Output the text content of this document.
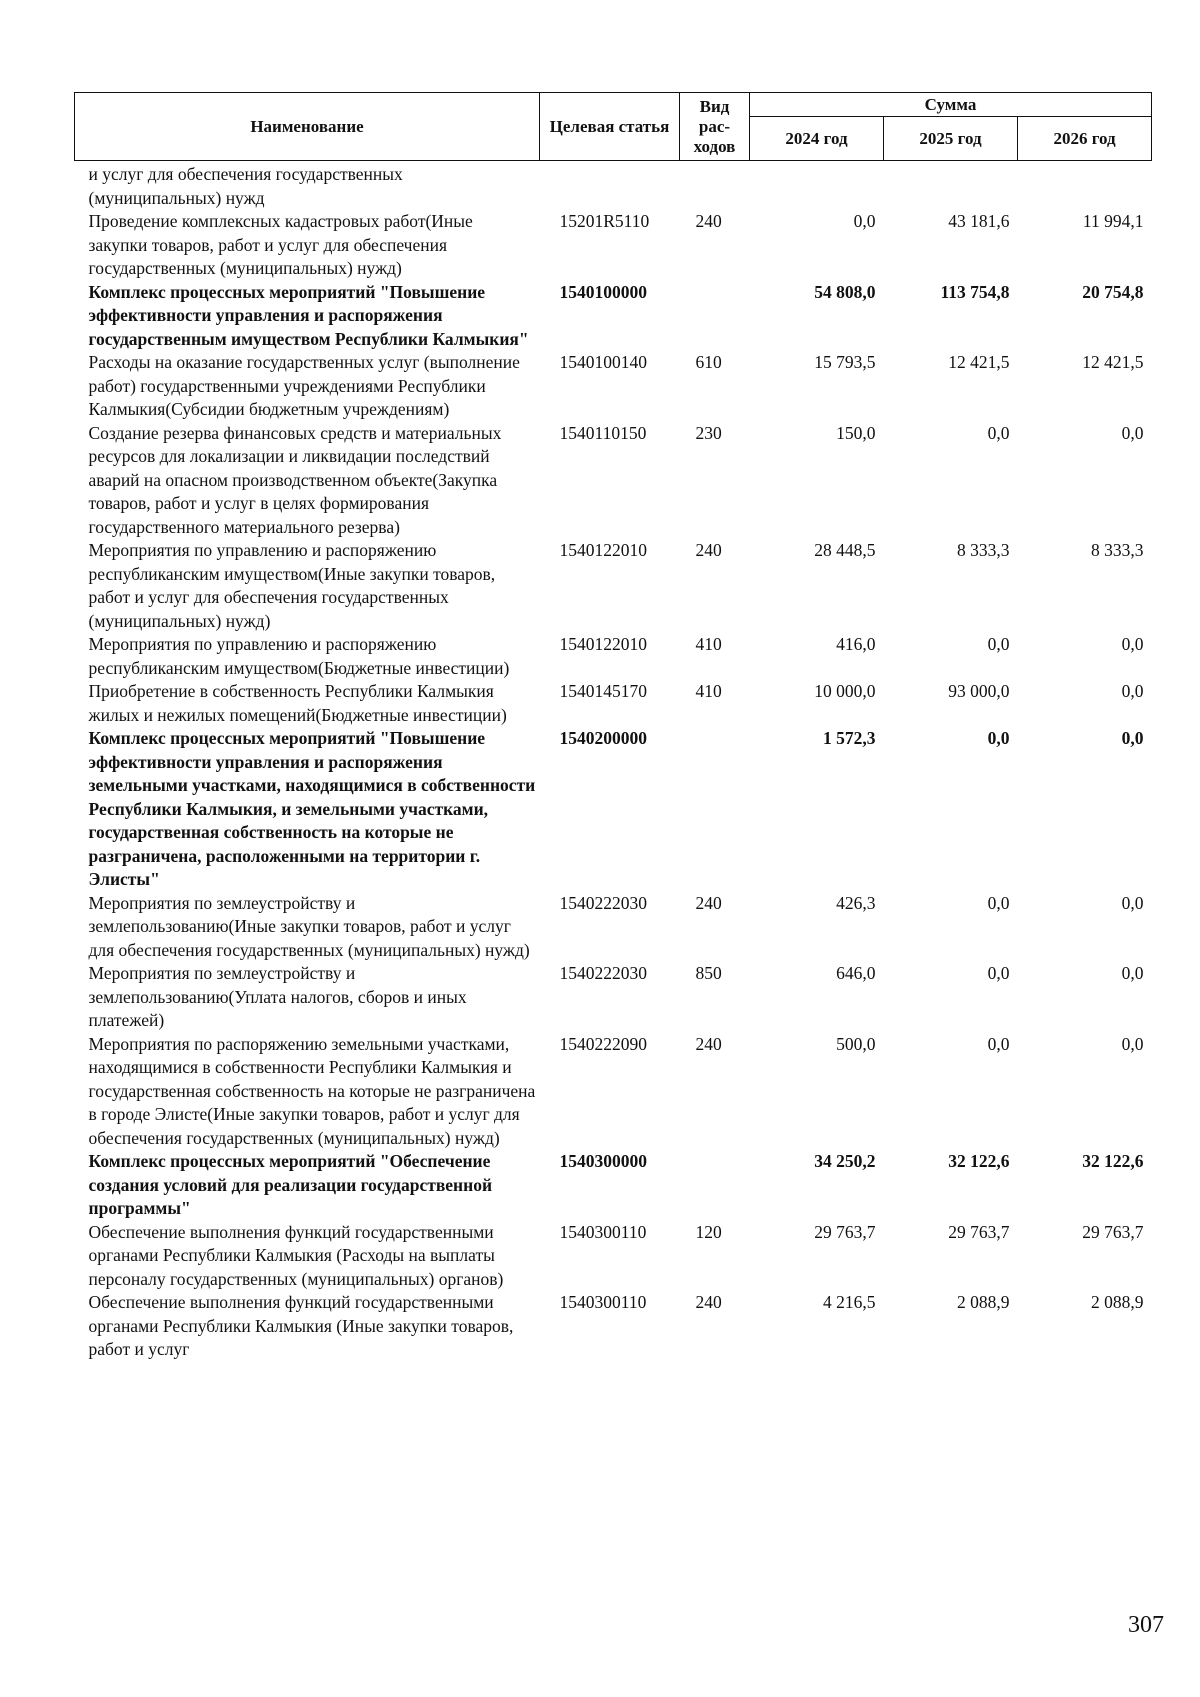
Наименование	Целевая статья	Вид рас-ходов	Сумма		
			2024 год	2025 год	2026 год
и услуг для обеспечения государственных (муниципальных) нужд					
Проведение комплексных кадастровых работ(Иные закупки товаров, работ и услуг для обеспечения государственных (муниципальных) нужд)	15201R5110	240	0,0	43 181,6	11 994,1
Комплекс процессных мероприятий "Повышение эффективности управления и распоряжения государственным имуществом Республики Калмыкия"	1540100000		54 808,0	113 754,8	20 754,8
Расходы на оказание государственных услуг (выполнение работ) государственными учреждениями Республики Калмыкия(Субсидии бюджетным учреждениям)	1540100140	610	15 793,5	12 421,5	12 421,5
Создание резерва финансовых средств и материальных ресурсов для локализации и ликвидации последствий аварий на опасном производственном объекте(Закупка товаров, работ и услуг в целях формирования государственного материального резерва)	1540110150	230	150,0	0,0	0,0
Мероприятия по управлению и распоряжению республиканским имуществом(Иные закупки товаров, работ и услуг для обеспечения государственных (муниципальных) нужд)	1540122010	240	28 448,5	8 333,3	8 333,3
Мероприятия по управлению и распоряжению республиканским имуществом(Бюджетные инвестиции)	1540122010	410	416,0	0,0	0,0
Приобретение в собственность Республики Калмыкия жилых и нежилых помещений(Бюджетные инвестиции)	1540145170	410	10 000,0	93 000,0	0,0
Комплекс процессных мероприятий "Повышение эффективности управления и распоряжения земельными участками, находящимися в собственности Республики Калмыкия, и земельными участками, государственная собственность на которые не разграничена, расположенными на территории г. Элисты"	1540200000		1 572,3	0,0	0,0
Мероприятия по землеустройству и землепользованию(Иные закупки товаров, работ и услуг для обеспечения государственных (муниципальных) нужд)	1540222030	240	426,3	0,0	0,0
Мероприятия по землеустройству и землепользованию(Уплата налогов, сборов и иных платежей)	1540222030	850	646,0	0,0	0,0
Мероприятия по распоряжению земельными участками, находящимися в собственности Республики Калмыкия и государственная собственность на которые не разграничена в городе Элисте(Иные закупки товаров, работ и услуг для обеспечения государственных (муниципальных) нужд)	1540222090	240	500,0	0,0	0,0
Комплекс процессных мероприятий "Обеспечение создания условий для реализации государственной программы"	1540300000		34 250,2	32 122,6	32 122,6
Обеспечение выполнения функций государственными органами Республики Калмыкия (Расходы на выплаты персоналу государственных (муниципальных) органов)	1540300110	120	29 763,7	29 763,7	29 763,7
Обеспечение выполнения функций государственными органами Республики Калмыкия (Иные закупки товаров, работ и услуг	1540300110	240	4 216,5	2 088,9	2 088,9
307
